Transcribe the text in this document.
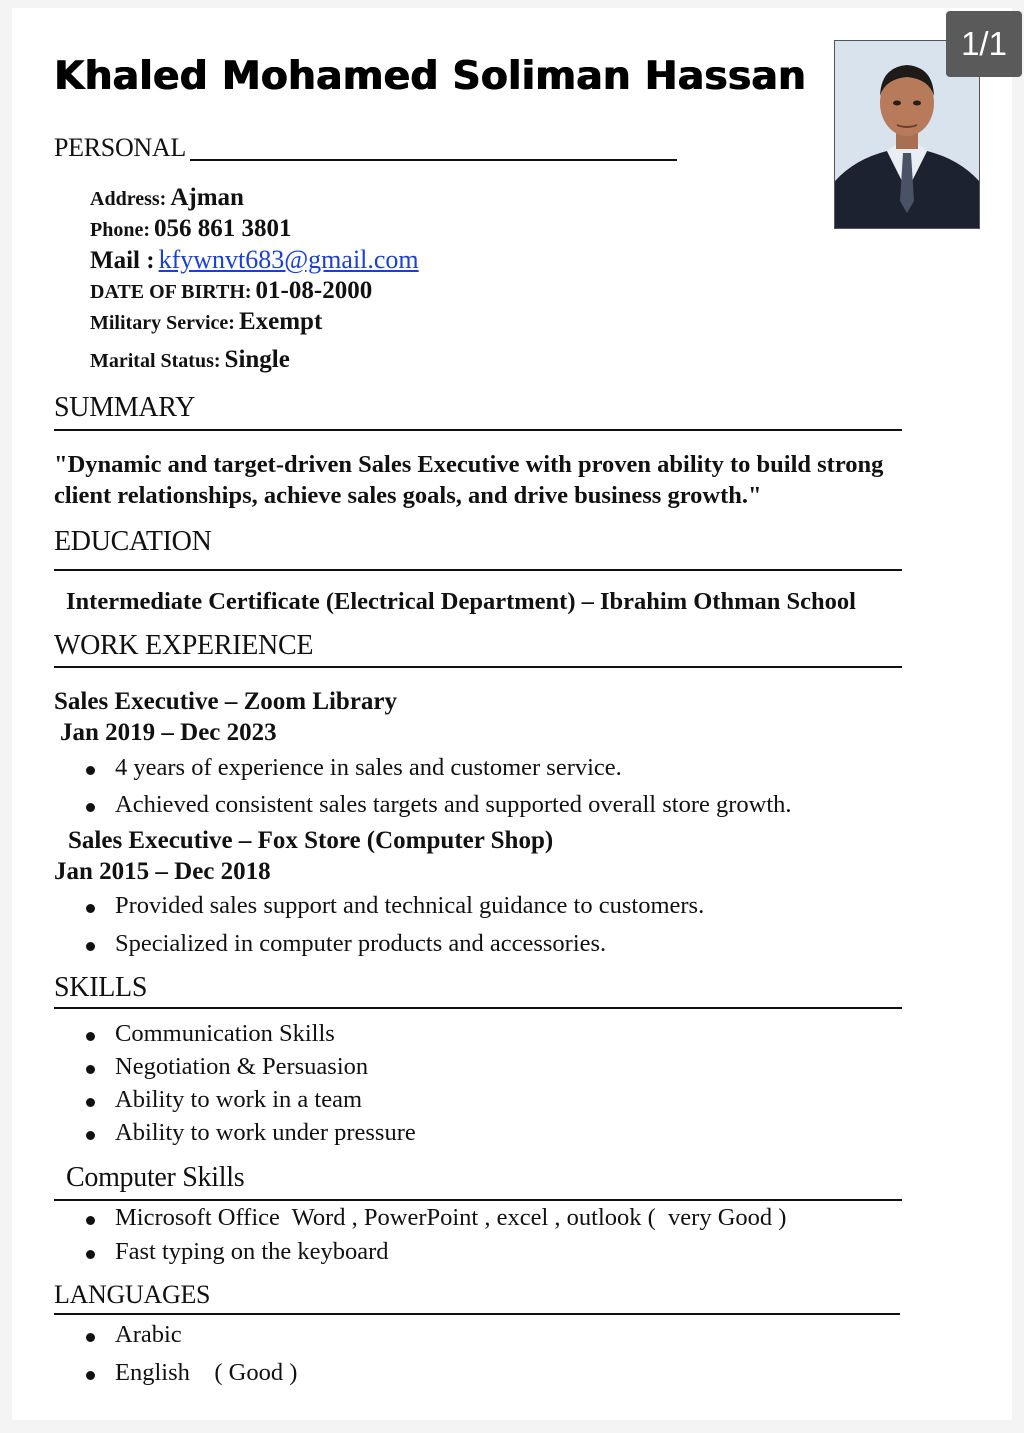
Khaled Mohamed Soliman Hassan
1/1
PERSONAL
Address: Ajman
Phone: 056 861 3801
Mail : kfywnvt683@gmail.com
DATE OF BIRTH: 01-08-2000
Military Service: Exempt
Marital Status: Single
SUMMARY
"Dynamic and target-driven Sales Executive with proven ability to build strong client relationships, achieve sales goals, and drive business growth."
EDUCATION
Intermediate Certificate (Electrical Department) – Ibrahim Othman School
WORK EXPERIENCE
Sales Executive – Zoom Library
Jan 2019 – Dec 2023
4 years of experience in sales and customer service.
Achieved consistent sales targets and supported overall store growth.
Sales Executive – Fox Store (Computer Shop)
Jan 2015 – Dec 2018
Provided sales support and technical guidance to customers.
Specialized in computer products and accessories.
SKILLS
Communication Skills
Negotiation & Persuasion
Ability to work in a team
Ability to work under pressure
Computer Skills
Microsoft Office  Word , PowerPoint , excel , outlook (  very Good )
Fast typing on the keyboard
LANGUAGES
Arabic
English    ( Good )
